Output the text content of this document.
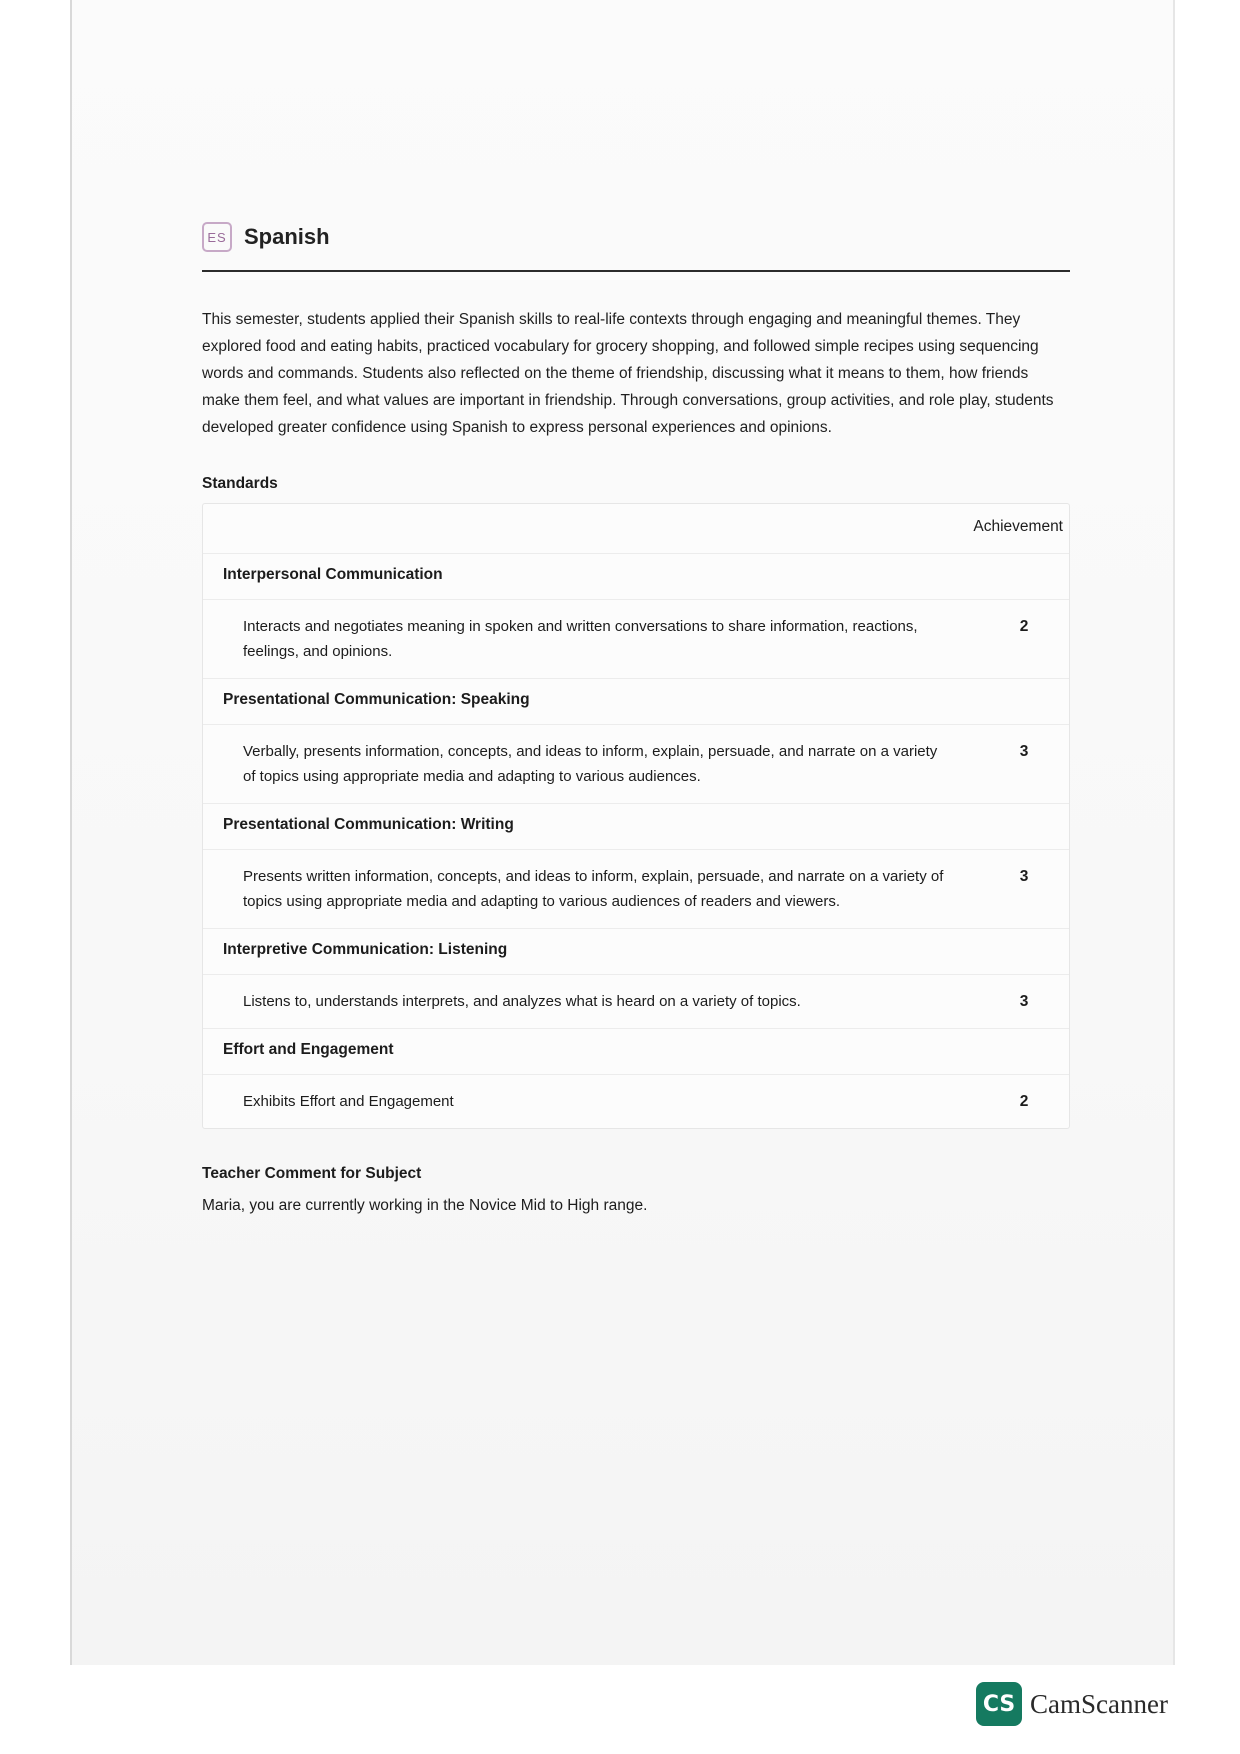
ES Spanish

This semester, students applied their Spanish skills to real-life contexts through engaging and meaningful themes. They explored food and eating habits, practiced vocabulary for grocery shopping, and followed simple recipes using sequencing words and commands. Students also reflected on the theme of friendship, discussing what it means to them, how friends make them feel, and what values are important in friendship. Through conversations, group activities, and role play, students developed greater confidence using Spanish to express personal experiences and opinions.

Standards
Achievement
Interpersonal Communication
Interacts and negotiates meaning in spoken and written conversations to share information, reactions, feelings, and opinions.
2
Presentational Communication: Speaking
Verbally, presents information, concepts, and ideas to inform, explain, persuade, and narrate on a variety of topics using appropriate media and adapting to various audiences.
3
Presentational Communication: Writing
Presents written information, concepts, and ideas to inform, explain, persuade, and narrate on a variety of topics using appropriate media and adapting to various audiences of readers and viewers.
3
Interpretive Communication: Listening
Listens to, understands interprets, and analyzes what is heard on a variety of topics.	3
Effort and Engagement
Exhibits Effort and Engagement	2
Teacher Comment for Subject
Maria, you are currently working in the Novice Mid to High range.
CS CamScanner
